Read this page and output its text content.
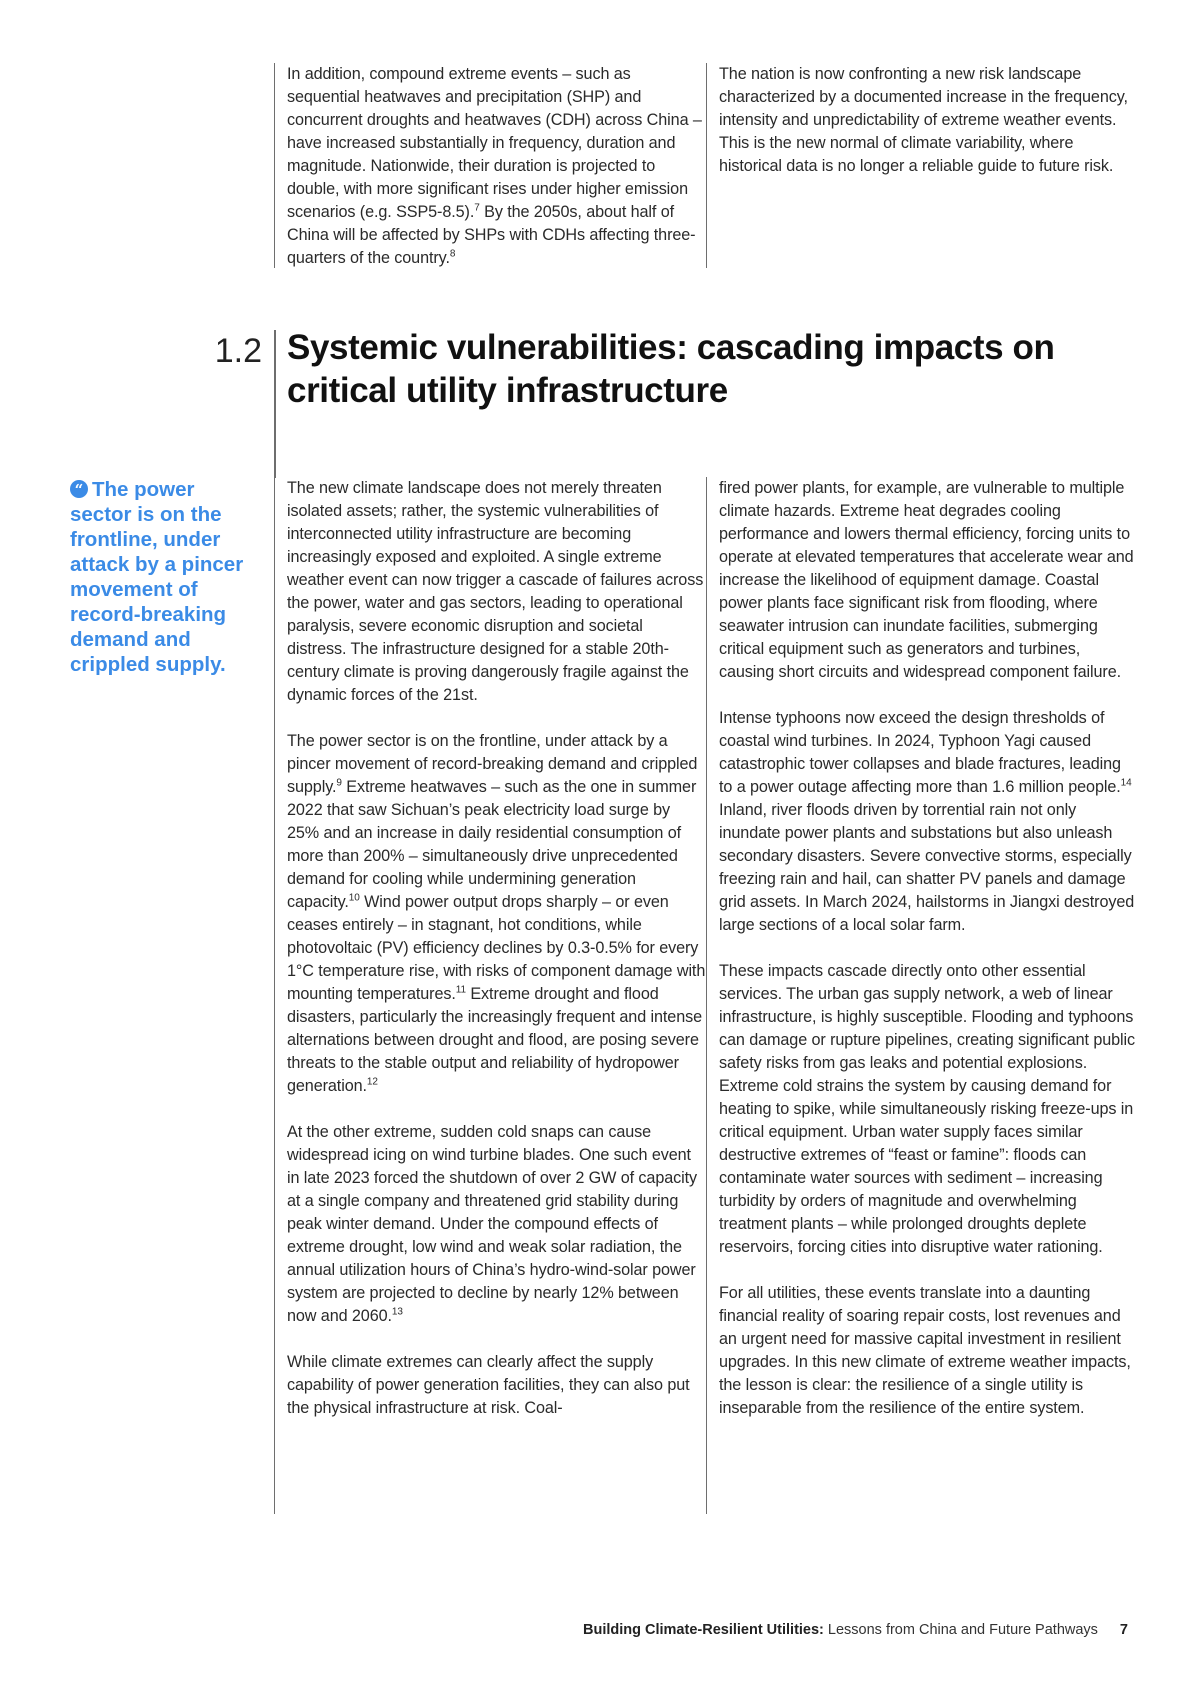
In addition, compound extreme events – such as sequential heatwaves and precipitation (SHP) and concurrent droughts and heatwaves (CDH) across China – have increased substantially in frequency, duration and magnitude. Nationwide, their duration is projected to double, with more significant rises under higher emission scenarios (e.g. SSP5-8.5).$^7$ By the 2050s, about half of China will be affected by SHPs with CDHs affecting three-quarters of the country.$^8$

The nation is now confronting a new risk landscape characterized by a documented increase in the frequency, intensity and unpredictability of extreme weather events. This is the new normal of climate variability, where historical data is no longer a reliable guide to future risk.

1.2 Systemic vulnerabilities: cascading impacts on critical utility infrastructure
“ The power sector is on the frontline, under attack by a pincer movement of record-breaking demand and crippled supply.

The new climate landscape does not merely threaten isolated assets; rather, the systemic vulnerabilities of interconnected utility infrastructure are becoming increasingly exposed and exploited. A single extreme weather event can now trigger a cascade of failures across the power, water and gas sectors, leading to operational paralysis, severe economic disruption and societal distress. The infrastructure designed for a stable 20th-century climate is proving dangerously fragile against the dynamic forces of the 21st.

The power sector is on the frontline, under attack by a pincer movement of record-breaking demand and crippled supply.$^9$ Extreme heatwaves – such as the one in summer 2022 that saw Sichuan’s peak electricity load surge by 25% and an increase in daily residential consumption of more than 200% – simultaneously drive unprecedented demand for cooling while undermining generation capacity.$^{10}$ Wind power output drops sharply – or even ceases entirely – in stagnant, hot conditions, while photovoltaic (PV) efficiency declines by 0.3-0.5% for every 1°C temperature rise, with risks of component damage with mounting temperatures.$^{11}$ Extreme drought and flood disasters, particularly the increasingly frequent and intense alternations between drought and flood, are posing severe threats to the stable output and reliability of hydropower generation.$^{12}$

At the other extreme, sudden cold snaps can cause widespread icing on wind turbine blades. One such event in late 2023 forced the shutdown of over 2 GW of capacity at a single company and threatened grid stability during peak winter demand. Under the compound effects of extreme drought, low wind and weak solar radiation, the annual utilization hours of China’s hydro-wind-solar power system are projected to decline by nearly 12% between now and 2060.13

While climate extremes can clearly affect the supply capability of power generation facilities, they can also put the physical infrastructure at risk. Coal-

fired power plants, for example, are vulnerable to multiple climate hazards. Extreme heat degrades cooling performance and lowers thermal efficiency, forcing units to operate at elevated temperatures that accelerate wear and increase the likelihood of equipment damage. Coastal power plants face significant risk from flooding, where seawater intrusion can inundate facilities, submerging critical equipment such as generators and turbines, causing short circuits and widespread component failure.

Intense typhoons now exceed the design thresholds of coastal wind turbines. In 2024, Typhoon Yagi caused catastrophic tower collapses and blade fractures, leading to a power outage affecting more than 1.6 million people.$^{14}$ Inland, river floods driven by torrential rain not only inundate power plants and substations but also unleash secondary disasters. Severe convective storms, especially freezing rain and hail, can shatter PV panels and damage grid assets. In March 2024, hailstorms in Jiangxi destroyed large sections of a local solar farm.

These impacts cascade directly onto other essential services. The urban gas supply network, a web of linear infrastructure, is highly susceptible. Flooding and typhoons can damage or rupture pipelines, creating significant public safety risks from gas leaks and potential explosions. Extreme cold strains the system by causing demand for heating to spike, while simultaneously risking freeze-ups in critical equipment. Urban water supply faces similar destructive extremes of “feast or famine”: floods can contaminate water sources with sediment – increasing turbidity by orders of magnitude and overwhelming treatment plants – while prolonged droughts deplete reservoirs, forcing cities into disruptive water rationing.

For all utilities, these events translate into a daunting financial reality of soaring repair costs, lost revenues and an urgent need for massive capital investment in resilient upgrades. In this new climate of extreme weather impacts, the lesson is clear: the resilience of a single utility is inseparable from the resilience of the entire system.

Building Climate-Resilient Utilities: Lessons from China and Future Pathways 7
